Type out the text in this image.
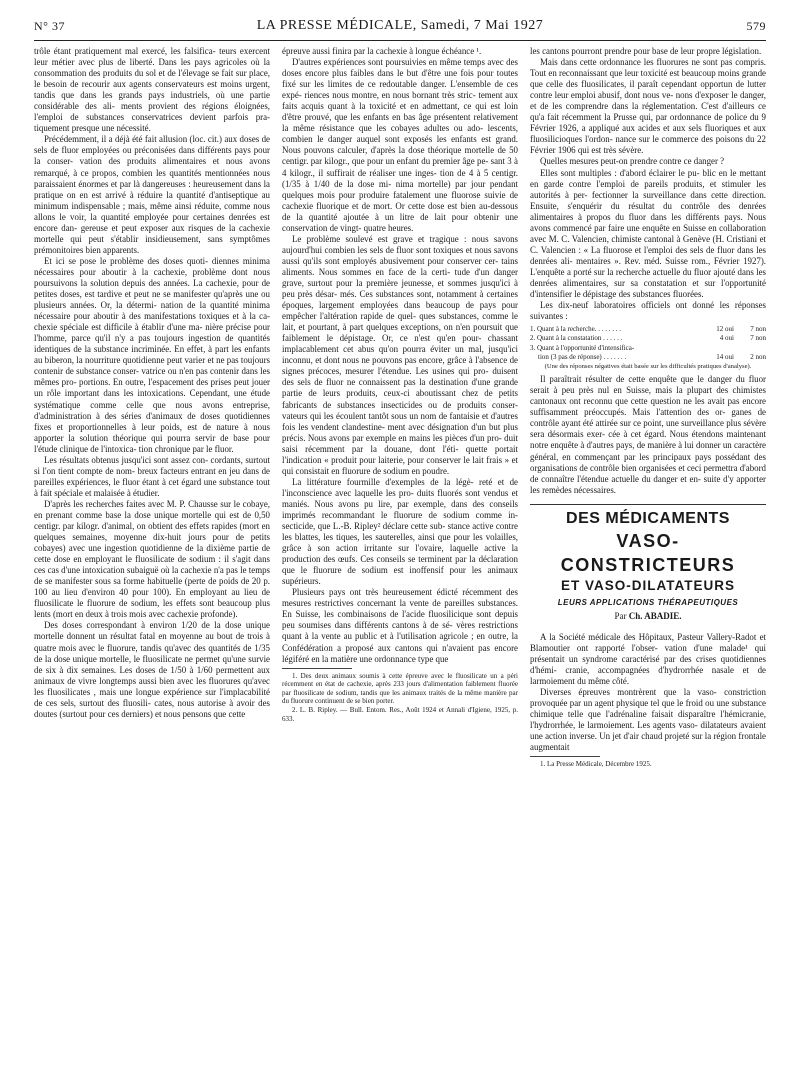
N° 37	LA PRESSE MÉDICALE, Samedi, 7 Mai 1927	579

trôle étant pratiquement mal exercé, les falsifica- teurs exercent leur métier avec plus de liberté. Dans les pays agricoles où la consommation des produits du sol et de l'élevage se fait sur place, le besoin de recourir aux agents conservateurs est moins urgent, tandis que dans les grands pays industriels, où une partie considérable des ali- ments provient des régions éloignées, l'emploi de substances conservatrices devient parfois pra- tiquement presque une nécessité.

Précédemment, il a déjà été fait allusion (loc. cit.) aux doses de sels de fluor employées ou préconisées dans différents pays pour la conser- vation des produits alimentaires et nous avons remarqué, à ce propos, combien les quantités mentionnées nous paraissaient énormes et par là dangereuses : heureusement dans la pratique on en est arrivé à réduire la quantité d'antiseptique au minimum indispensable ; mais, même ainsi réduite, comme nous allons le voir, la quantité employée pour certaines denrées est encore dan- gereuse et peut exposer aux risques de la cachexie mortelle qui peut s'établir insidieusement, sans symptômes prémonitoires bien apparents.

Et ici se pose le problème des doses quoti- diennes minima nécessaires pour aboutir à la cachexie, problème dont nous poursuivons la solution depuis des années. La cachexie, pour de petites doses, est tardive et peut ne se manifester qu'après une ou plusieurs années. Or, la détermi- nation de la quantité minima nécessaire pour aboutir à des manifestations toxiques et à la ca- chexie spéciale est difficile à établir d'une ma- nière précise pour l'homme, parce qu'il n'y a pas toujours ingestion de quantités identiques de la substance incriminée. En effet, à part les enfants au biberon, la nourriture quotidienne peut varier et ne pas toujours contenir de substance conser- vatrice ou n'en pas contenir dans les mêmes pro- portions. En outre, l'espacement des prises peut jouer un rôle important dans les intoxications. Cependant, une étude systématique comme celle que nous avons entreprise, d'administration à des séries d'animaux de doses quotidiennes fixes et proportionnelles à leur poids, est de nature à nous apporter la solution théorique qui pourra servir de base pour l'étude clinique de l'intoxica- tion chronique par le fluor.

Les résultats obtenus jusqu'ici sont assez con- cordants, surtout si l'on tient compte de nom- breux facteurs entrant en jeu dans de pareilles expériences, le fluor étant à cet égard une substance tout à fait spéciale et malaisée à étudier.

D'après les recherches faites avec M. P. Chausse sur le cobaye, en prenant comme base la dose unique mortelle qui est de 0,50 centigr. par kilogr. d'animal, on obtient des effets rapides (mort en quelques semaines, moyenne dix-huit jours pour de petits cobayes) avec une ingestion quotidienne de la dixième partie de cette dose en employant le fluosilicate de sodium : il s'agit dans ces cas d'une intoxication subaiguë où la cachexie n'a pas le temps de se manifester sous sa forme habituelle (perte de poids de 20 p. 100 au lieu d'environ 40 pour 100). En employant au lieu de fluosilicate le fluorure de sodium, les effets sont beaucoup plus lents (mort en deux à trois mois avec cachexie profonde).

Des doses correspondant à environ 1/20 de la dose unique mortelle donnent un résultat fatal en moyenne au bout de trois à quatre mois avec le fluorure, tandis qu'avec des quantités de 1/35 de la dose unique mortelle, le fluosilicate ne permet qu'une survie de six à dix semaines. Les doses de 1/50 à 1/60 permettent aux animaux de vivre longtemps aussi bien avec les fluorures qu'avec les fluosilicates , mais une longue expérience sur l'implacabilité de ces sels, surtout des fluosili- cates, nous autorise à avoir des doutes (surtout pour ces derniers) et nous pensons que cette

épreuve aussi finira par la cachexie à longue échéance ¹.

D'autres expériences sont poursuivies en même temps avec des doses encore plus faibles dans le but d'être une fois pour toutes fixé sur les limites de ce redoutable danger. L'ensemble de ces expé- riences nous montre, en nous bornant très stric- tement aux faits acquis quant à la toxicité et en admettant, ce qui est loin d'être prouvé, que les enfants en bas âge présentent relativement la même résistance que les cobayes adultes ou ado- lescents, combien le danger auquel sont exposés les enfants est grand. Nous pouvons calculer, d'après la dose théorique mortelle de 50 centigr. par kilogr., que pour un enfant du premier âge pe- sant 3 à 4 kilogr., il suffirait de réaliser une inges- tion de 4 à 5 centigr. (1/35 à 1/40 de la dose mi- nima mortelle) par jour pendant quelques mois pour produire fatalement une fluorose suivie de cachexie fluorique et de mort. Or cette dose est bien au-dessous de la quantité ajoutée à un litre de lait pour obtenir une conservation de vingt- quatre heures.

Le problème soulevé est grave et tragique : nous savons aujourd'hui combien les sels de fluor sont toxiques et nous savons aussi qu'ils sont employés abusivement pour conserver cer- tains aliments. Nous sommes en face de la certi- tude d'un danger grave, surtout pour la première jeunesse, et sommes jusqu'ici à peu près désar- més. Ces substances sont, notamment à certaines époques, largement employées dans beaucoup de pays pour empêcher l'altération rapide de quel- ques substances, comme le lait, et pourtant, à part quelques exceptions, on n'en poursuit que faiblement le dépistage. Or, ce n'est qu'en pour- chassant implacablement cet abus qu'on pourra éviter un mal, jusqu'ici inconnu, et dont nous ne pouvons pas encore, grâce à l'absence de signes précoces, mesurer l'étendue. Les usines qui pro- duisent des sels de fluor ne connaissent pas la destination d'une grande partie de leurs produits, ceux-ci aboutissant chez de petits fabricants de substances insecticides ou de produits conser- vateurs qui les écoulent tantôt sous un nom de fantaisie et d'autres fois les vendent clandestine- ment avec désignation d'un but plus précis. Nous avons par exemple en mains les pièces d'un pro- duit saisi récemment par la douane, dont l'éti- quette portait l'indication « produit pour laiterie, pour conserver le lait frais » et qui consistait en fluorure de sodium en poudre.

La littérature fourmille d'exemples de la légè- reté et de l'inconscience avec laquelle les pro- duits fluorés sont vendus et maniés. Nous avons pu lire, par exemple, dans des conseils imprimés recommandant le fluorure de sodium comme in- secticide, que L.-B. Ripley² déclare cette sub- stance active contre les blattes, les tiques, les sauterelles, ainsi que pour les volailles, grâce à son action irritante sur l'ovaire, laquelle active la production des œufs. Ces conseils se terminent par la déclaration que le fluorure de sodium est inoffensif pour les animaux supérieurs.

Plusieurs pays ont très heureusement édicté récemment des mesures restrictives concernant la vente de pareilles substances. En Suisse, les combinaisons de l'acide fluosilicique sont depuis peu soumises dans différents cantons à de sé- vères restrictions quant à la vente au public et à l'utilisation agricole ; en outre, la Confédération a proposé aux cantons qui n'avaient pas encore légiféré en la matière une ordonnance type que

1. Des deux animaux soumis à cette épreuve avec le fluosilicate un a péri récemment en état de cachexie, après 233 jours d'alimentation faiblement fluorée par fluosilicate de sodium, tandis que les animaux traités de la même manière par du fluorure continuent de se bien porter.

2. L. B. Ripley. — Bull. Entom. Res., Août 1924 et Annali d'Igiene, 1925, p. 633.

les cantons pourront prendre pour base de leur propre législation.

Mais dans cette ordonnance les fluorures ne sont pas compris. Tout en reconnaissant que leur toxicité est beaucoup moins grande que celle des fluosilicates, il paraît cependant opportun de lutter contre leur emploi abusif, dont nous ve- nons d'exposer le danger, et de les comprendre dans la réglementation. C'est d'ailleurs ce qu'a fait récemment la Prusse qui, par ordonnance de police du 9 Février 1926, a appliqué aux acides et aux sels fluoriques et aux fluosilicioques l'ordon- nance sur le commerce des poisons du 22 Février 1906 qui est très sévère.

Quelles mesures peut-on prendre contre ce danger ?

Elles sont multiples : d'abord éclairer le pu- blic en le mettant en garde contre l'emploi de pareils produits, et stimuler les autorités à per- fectionner la surveillance dans cette direction. Ensuite, s'enquérir du résultat du contrôle des denrées alimentaires à propos du fluor dans les différents pays. Nous avons commencé par faire une enquête en Suisse en collaboration avec M. C. Valencien, chimiste cantonal à Genève (H. Cristiani et C. Valencien : « La fluorose et l'emploi des sels de fluor dans les denrées ali- mentaires ». Rev. méd. Suisse rom., Février 1927). L'enquête a porté sur la recherche actuelle du fluor ajouté dans les denrées alimentaires, sur sa constatation et sur l'opportunité d'intensifier le dépistage des substances fluorées.

Les dix-neuf laboratoires officiels ont donné les réponses suivantes :

1. Quant à la recherche. . . . . . . .	12 oui	7 non
2. Quant à la constatation . . . . . .	4 oui	7 non
3. Quant à l'opportunité d'intensifica-
tion (3 pas de réponse) . . . . . . .	14 oui	2 non
(Une des réponses négatives était basée sur les difficultés pratiques d'analyse).

Il paraîtrait résulter de cette enquête que le danger du fluor serait à peu près nul en Suisse, mais la plupart des chimistes cantonaux ont reconnu que cette question ne les avait pas encore suffisamment préoccupés. Mais l'attention des or- ganes de contrôle ayant été attirée sur ce point, une surveillance plus sévère sera désormais exer- cée à cet égard. Nous étendons maintenant notre enquête à d'autres pays, de manière à lui donner un caractère général, en commençant par les principaux pays possédant des organisations de contrôle bien organisées et ceci permettra d'abord de connaître l'étendue actuelle du danger et en- suite d'y apporter les remèdes nécessaires.

DES MÉDICAMENTS
VASO-CONSTRICTEURS
ET VASO-DILATATEURS
LEURS APPLICATIONS THÉRAPEUTIQUES
Par Ch. ABADIE.

A la Société médicale des Hôpitaux, Pasteur Vallery-Radot et Blamoutier ont rapporté l'obser- vation d'une malade¹ qui présentait un syndrome caractérisé par des crises quotidiennes d'hémi- cranie, accompagnées d'hydrorrhée nasale et de larmoiement du même côté.

Diverses épreuves montrèrent que la vaso- constriction provoquée par un agent physique tel que le froid ou une substance chimique telle que l'adrénaline faisait disparaître l'hémicranie, l'hydrorrhée, le larmoiement. Les agents vaso- dilatateurs avaient une action inverse. Un jet d'air chaud projeté sur la région frontale augmentait

1. La Presse Médicale, Décembre 1925.
